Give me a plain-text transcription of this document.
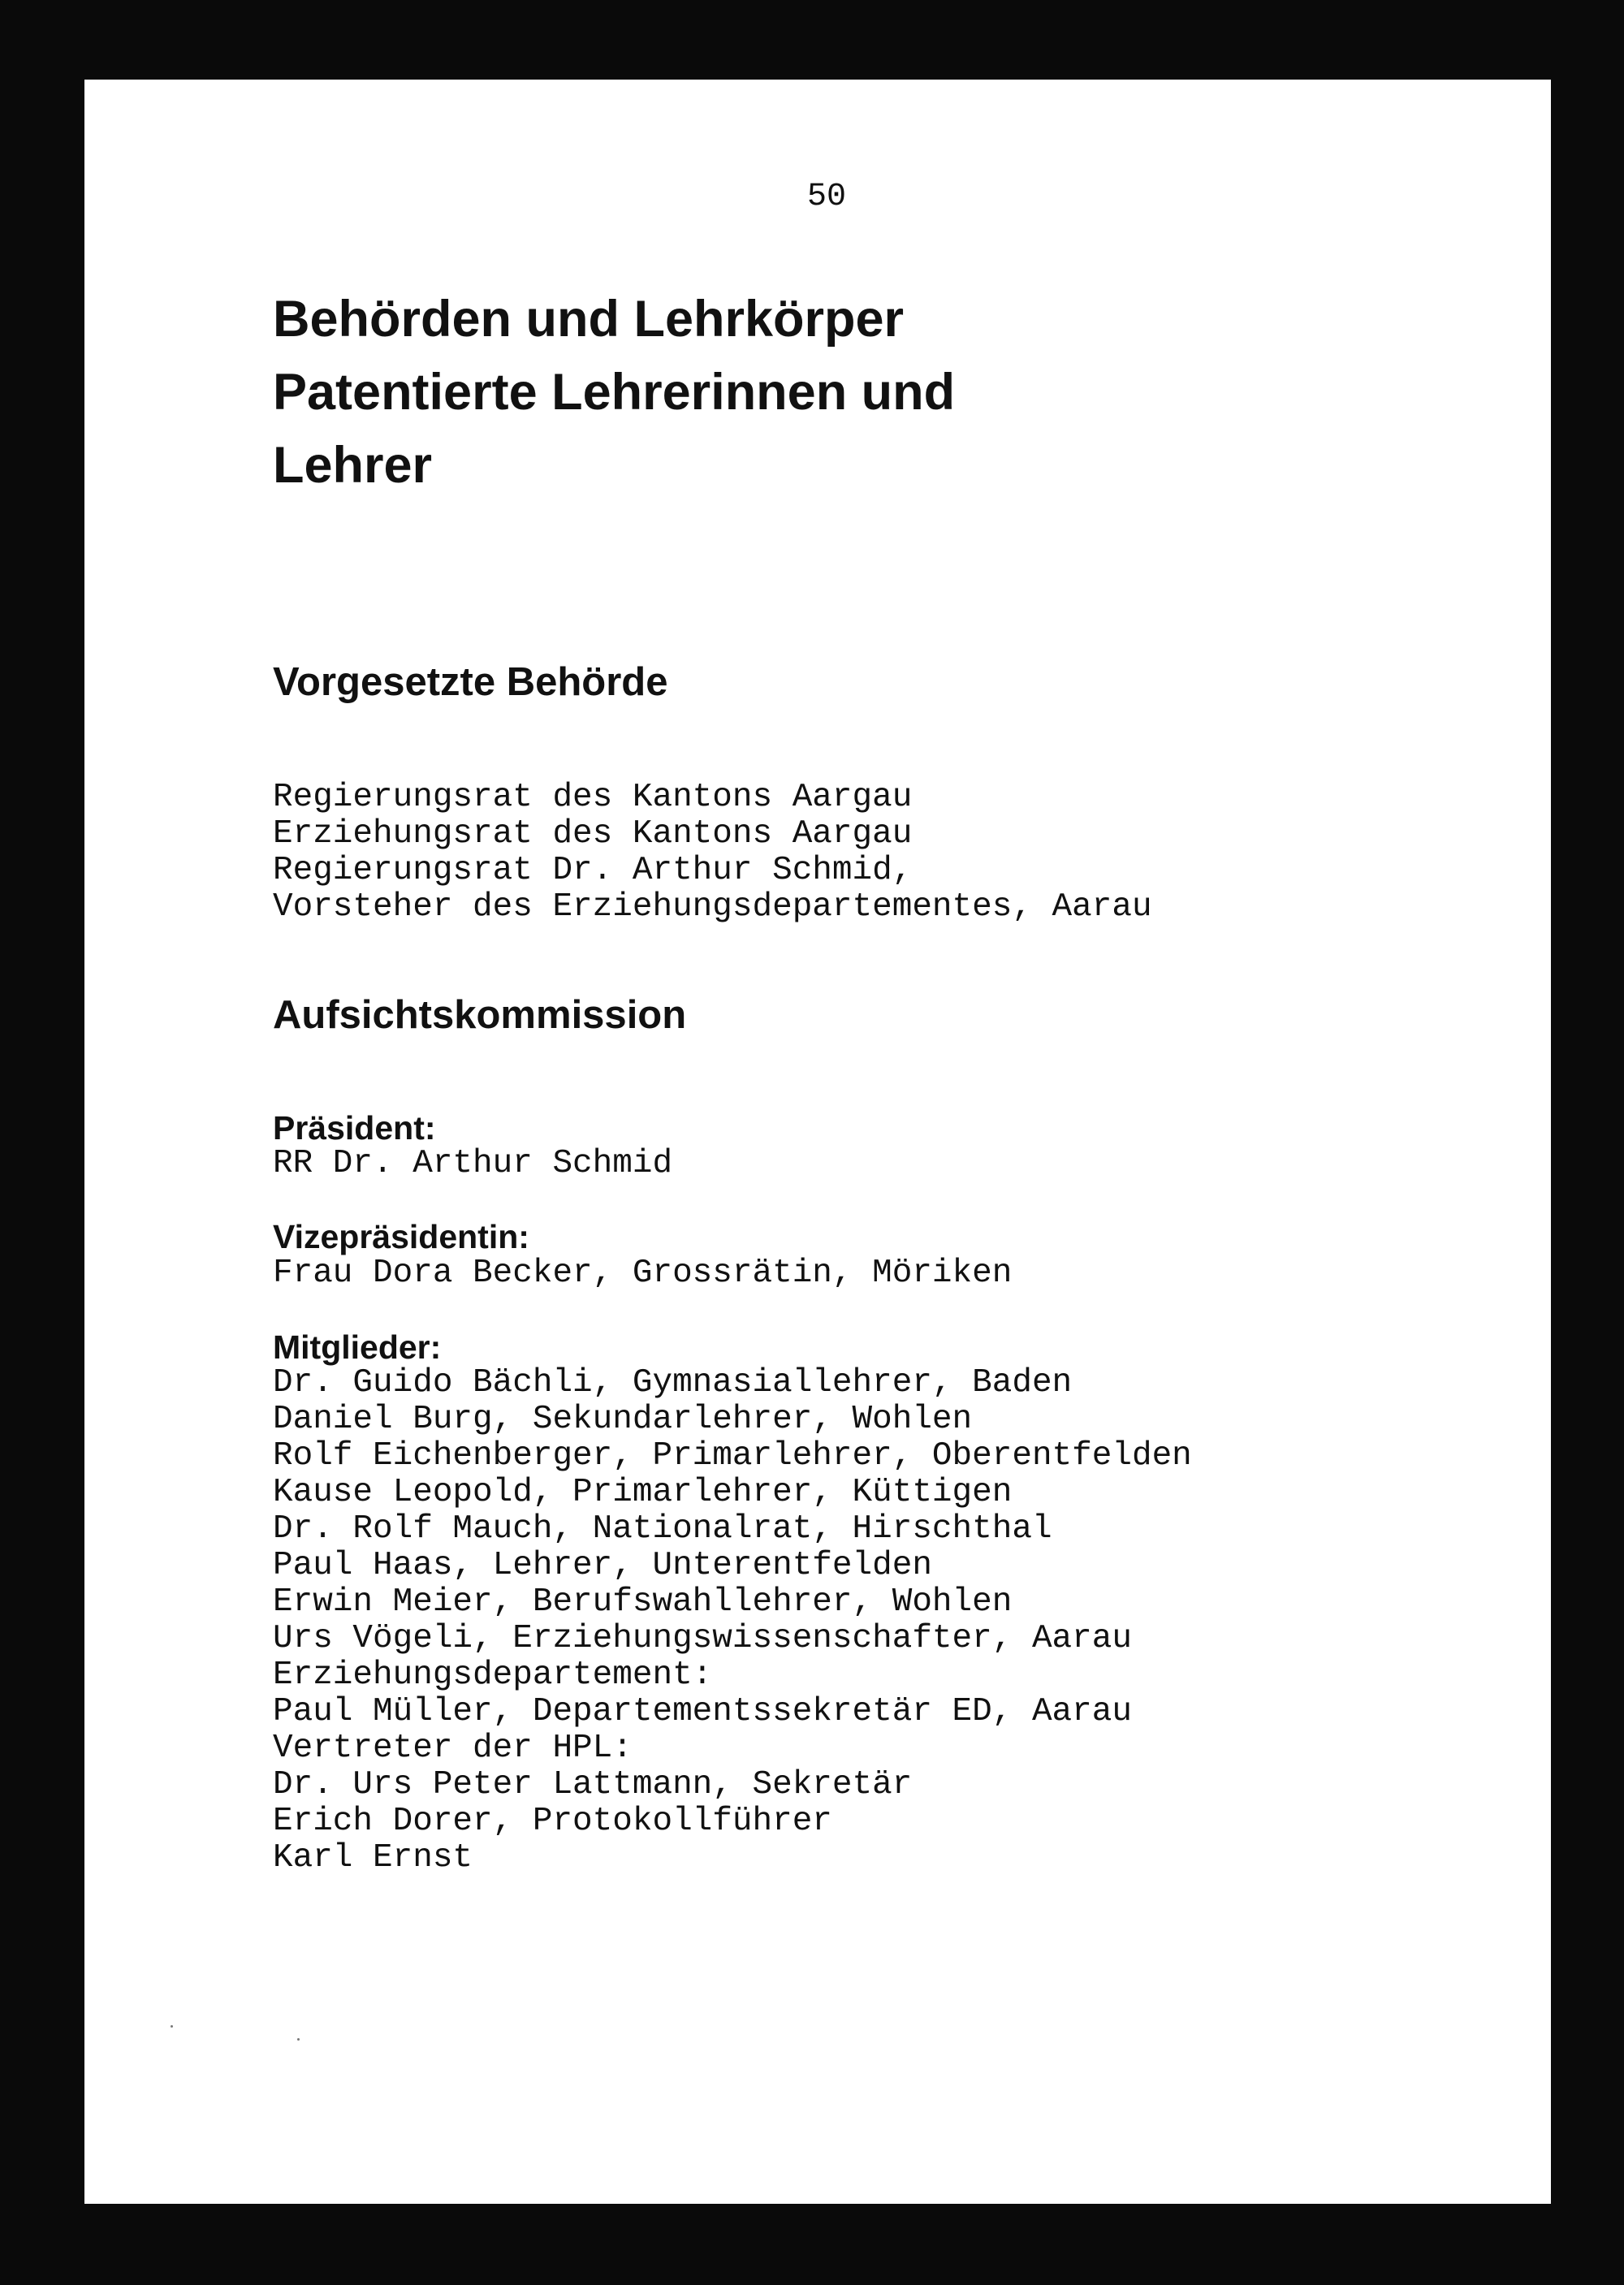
50
Behörden und Lehrkörper
Patentierte Lehrerinnen und
Lehrer
Vorgesetzte Behörde
Regierungsrat des Kantons Aargau
Erziehungsrat des Kantons Aargau
Regierungsrat Dr. Arthur Schmid,
Vorsteher des Erziehungsdepartementes, Aarau
Aufsichtskommission
Präsident:
RR Dr. Arthur Schmid
Vizepräsidentin:
Frau Dora Becker, Grossrätin, Möriken
Mitglieder:
Dr. Guido Bächli, Gymnasiallehrer, Baden
Daniel Burg, Sekundarlehrer, Wohlen
Rolf Eichenberger, Primarlehrer, Oberentfelden
Kause Leopold, Primarlehrer, Küttigen
Dr. Rolf Mauch, Nationalrat, Hirschthal
Paul Haas, Lehrer, Unterentfelden
Erwin Meier, Berufswahllehrer, Wohlen
Urs Vögeli, Erziehungswissenschafter, Aarau
Erziehungsdepartement:
Paul Müller, Departementssekretär ED, Aarau
Vertreter der HPL:
Dr. Urs Peter Lattmann, Sekretär
Erich Dorer, Protokollführer
Karl Ernst
